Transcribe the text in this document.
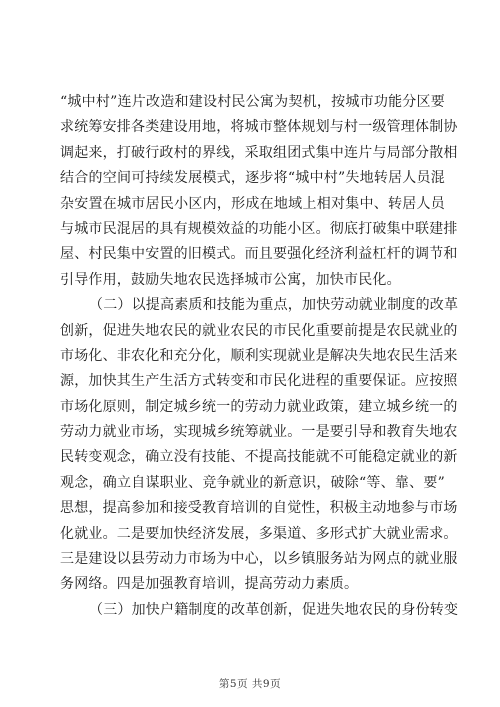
“城中村”连片改造和建设村民公寓为契机，按城市功能分区要
求统筹安排各类建设用地，将城市整体规划与村一级管理体制协
调起来，打破行政村的界线，采取组团式集中连片与局部分散相
结合的空间可持续发展模式，逐步将“城中村”失地转居人员混
杂安置在城市居民小区内，形成在地域上相对集中、转居人员
与城市民混居的具有规模效益的功能小区。彻底打破集中联建排
屋、村民集中安置的旧模式。而且要强化经济利益杠杆的调节和
引导作用，鼓励失地农民选择城市公寓，加快市民化。
（二）以提高素质和技能为重点，加快劳动就业制度的改革
创新，促进失地农民的就业农民的市民化重要前提是农民就业的
市场化、非农化和充分化，顺利实现就业是解决失地农民生活来
源，加快其生产生活方式转变和市民化进程的重要保证。应按照
市场化原则，制定城乡统一的劳动力就业政策，建立城乡统一的
劳动力就业市场，实现城乡统筹就业。一是要引导和教育失地农
民转变观念，确立没有技能、不提高技能就不可能稳定就业的新
观念，确立自谋职业、竞争就业的新意识，破除“等、靠、要”
思想，提高参加和接受教育培训的自觉性，积极主动地参与市场
化就业。二是要加快经济发展，多渠道、多形式扩大就业需求。
三是建设以县劳动力市场为中心，以乡镇服务站为网点的就业服
务网络。四是加强教育培训，提高劳动力素质。
（三）加快户籍制度的改革创新，促进失地农民的身份转变
第5页 共9页
